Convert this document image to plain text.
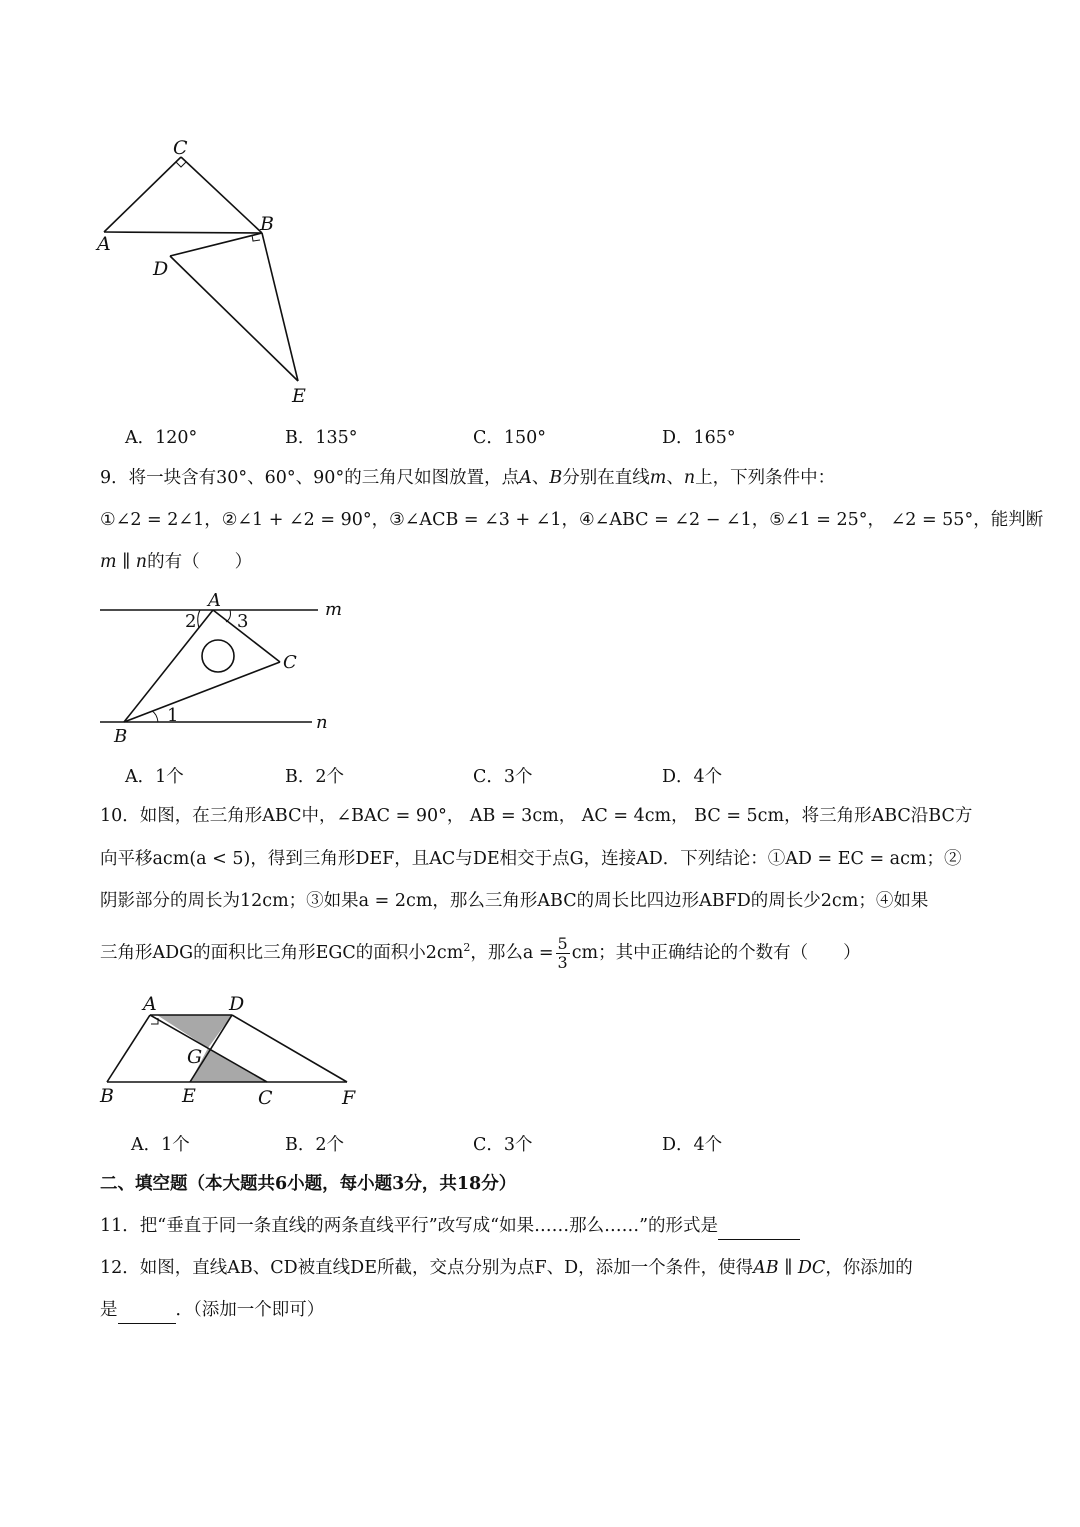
C
A
B
D
E
A．120°	B．135°	C．150°	D．165°
9．将一块含有30°、60°、90°的三角尺如图放置，点A、B分别在直线m、n上，下列条件中：
①∠2 = 2∠1，②∠1 + ∠2 = 90°，③∠ACB = ∠3 + ∠1，④∠ABC = ∠2 − ∠1，⑤∠1 = 25°， ∠2 = 55°，能判断
m ∥ n的有（　　）
A	m
2 3
C
1	n
B
A．1个	B．2个	C．3个	D．4个
10．如图，在三角形ABC中，∠BAC = 90°， AB = 3cm， AC = 4cm， BC = 5cm，将三角形ABC沿BC方
向平移acm(a < 5)，得到三角形DEF，且AC与DE相交于点G，连接AD．下列结论：①AD = EC = acm；②
阴影部分的周长为12cm；③如果a = 2cm，那么三角形ABC的周长比四边形ABFD的周长少2cm；④如果
三角形ADG的面积比三角形EGC的面积小$2cm^2$，那么$a = \frac{5}{3}$ cm；其中正确结论的个数有（　　）
A	D
G
B	E	C	F
A．1个	B．2个	C．3个	D．4个
二、填空题（本大题共6小题，每小题3分，共18分）
11．把“垂直于同一条直线的两条直线平行”改写成“如果……那么……”的形式是
12．如图，直线AB、CD被直线DE所截，交点分别为点F、D，添加一个条件，使得AB ∥ DC，你添加的
是	．（添加一个即可）
